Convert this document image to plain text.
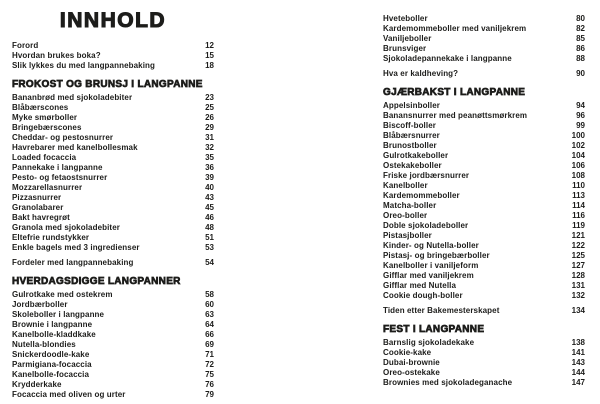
INNHOLD
Forord	12
Hvordan brukes boka?	15
Slik lykkes du med langpannebaking	18
FROKOST OG BRUNSJ I LANGPANNE
Bananbrød med sjokoladebiter	23
Blåbærscones	25
Myke smørboller	26
Bringebærscones	29
Cheddar- og pestosnurrer	31
Havrebarer med kanelbollesmak	32
Loaded focaccia	35
Pannekake i langpanne	36
Pesto- og fetaostsnurrer	39
Mozzarellasnurrer	40
Pizzasnurrer	43
Granolabarer	45
Bakt havregrøt	46
Granola med sjokoladebiter	48
Eltefrie rundstykker	51
Enkle bagels med 3 ingredienser	53
Fordeler med langpannebaking	54
HVERDAGSDIGGE LANGPANNER
Gulrotkake med ostekrem	58
Jordbærboller	60
Skoleboller i langpanne	63
Brownie i langpanne	64
Kanelbolle-kladdkake	66
Nutella-blondies	69
Snickerdoodle-kake	71
Parmigiana-focaccia	72
Kanelbolle-focaccia	75
Krydderkake	76
Focaccia med oliven og urter	79
Hveteboller	80
Kardemommeboller med vaniljekrem	82
Vaniljeboller	85
Brunsviger	86
Sjokoladepannekake i langpanne	88
Hva er kaldheving?	90
GJÆRBAKST I LANGPANNE
Appelsinboller	94
Banansnurrer med peanøttsmørkrem	96
Biscoff-boller	99
Blåbærsnurrer	100
Brunostboller	102
Gulrotkakeboller	104
Ostekakeboller	106
Friske jordbærsnurrer	108
Kanelboller	110
Kardemommeboller	113
Matcha-boller	114
Oreo-boller	116
Doble sjokoladeboller	119
Pistasjboller	121
Kinder- og Nutella-boller	122
Pistasj- og bringebærboller	125
Kanelboller i vaniljeform	127
Gifflar med vaniljekrem	128
Gifflar med Nutella	131
Cookie dough-boller	132
Tiden etter Bakemesterskapet	134
FEST I LANGPANNE
Barnslig sjokoladekake	138
Cookie-kake	141
Dubai-brownie	143
Oreo-ostekake	144
Brownies med sjokoladeganache	147
